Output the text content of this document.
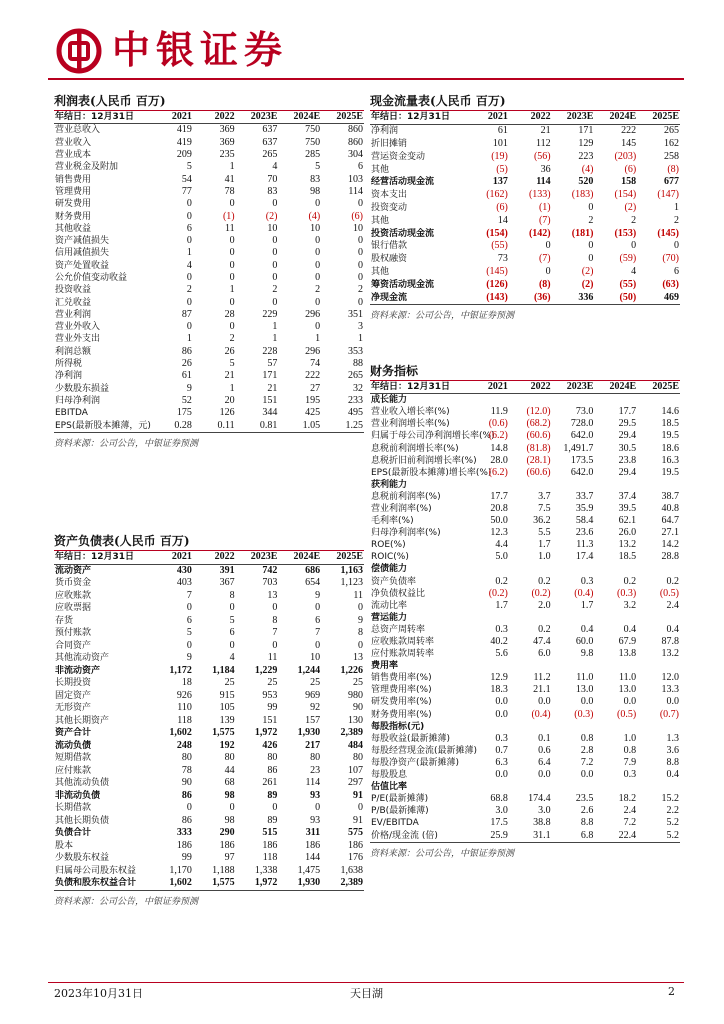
中银证券
利润表(人民币 百万)
年结日：12月31日	2021	2022	2023E	2024E	2025E
营业总收入	419	369	637	750	860
营业收入	419	369	637	750	860
营业成本	209	235	265	285	304
营业税金及附加	5	1	4	5	6
销售费用	54	41	70	83	103
管理费用	77	78	83	98	114
研发费用	0	0	0	0	0
财务费用	0	(1)	(2)	(4)	(6)
其他收益	6	11	10	10	10
资产减值损失	0	0	0	0	0
信用减值损失	1	0	0	0	0
资产处置收益	4	0	0	0	0
公允价值变动收益	0	0	0	0	0
投资收益	2	1	2	2	2
汇兑收益	0	0	0	0	0
营业利润	87	28	229	296	351
营业外收入	0	0	1	0	3
营业外支出	1	2	1	1	1
利润总额	86	26	228	296	353
所得税	26	5	57	74	88
净利润	61	21	171	222	265
少数股东损益	9	1	21	27	32
归母净利润	52	20	151	195	233
EBITDA	175	126	344	425	495
EPS(最新股本摊薄，元)	0.28	0.11	0.81	1.05	1.25
资料来源：公司公告，中银证券预测
资产负债表(人民币 百万)
年结日：12月31日	2021	2022	2023E	2024E	2025E
流动资产	430	391	742	686	1,163
货币资金	403	367	703	654	1,123
应收账款	7	8	13	9	11
应收票据	0	0	0	0	0
存货	6	5	8	6	9
预付账款	5	6	7	7	8
合同资产	0	0	0	0	0
其他流动资产	9	4	11	10	13
非流动资产	1,172	1,184	1,229	1,244	1,226
长期投资	18	25	25	25	25
固定资产	926	915	953	969	980
无形资产	110	105	99	92	90
其他长期资产	118	139	151	157	130
资产合计	1,602	1,575	1,972	1,930	2,389
流动负债	248	192	426	217	484
短期借款	80	80	80	80	80
应付账款	78	44	86	23	107
其他流动负债	90	68	261	114	297
非流动负债	86	98	89	93	91
长期借款	0	0	0	0	0
其他长期负债	86	98	89	93	91
负债合计	333	290	515	311	575
股本	186	186	186	186	186
少数股东权益	99	97	118	144	176
归属母公司股东权益	1,170	1,188	1,338	1,475	1,638
负债和股东权益合计	1,602	1,575	1,972	1,930	2,389
资料来源：公司公告，中银证券预测
现金流量表(人民币 百万)
年结日：12月31日	2021	2022	2023E	2024E	2025E
净利润	61	21	171	222	265
折旧摊销	101	112	129	145	162
营运资金变动	(19)	(56)	223	(203)	258
其他	(5)	36	(4)	(6)	(8)
经营活动现金流	137	114	520	158	677
资本支出	(162)	(133)	(183)	(154)	(147)
投资变动	(6)	(1)	0	(2)	1
其他	14	(7)	2	2	2
投资活动现金流	(154)	(142)	(181)	(153)	(145)
银行借款	(55)	0	0	0	0
股权融资	73	(7)	0	(59)	(70)
其他	(145)	0	(2)	4	6
筹资活动现金流	(126)	(8)	(2)	(55)	(63)
净现金流	(143)	(36)	336	(50)	469
资料来源：公司公告，中银证券预测
财务指标
年结日：12月31日	2021	2022	2023E	2024E	2025E
成长能力					
营业收入增长率(%)	11.9	(12.0)	73.0	17.7	14.6
营业利润增长率(%)	(0.6)	(68.2)	728.0	29.5	18.5
归属于母公司净利润增长率(%)	(6.2)	(60.6)	642.0	29.4	19.5
息税前利润增长率(%)	14.8	(81.8)	1,491.7	30.5	18.6
息税折旧前利润增长率(%)	28.0	(28.1)	173.5	23.8	16.3
EPS(最新股本摊薄)增长率(%)	(6.2)	(60.6)	642.0	29.4	19.5
获利能力					
息税前利润率(%)	17.7	3.7	33.7	37.4	38.7
营业利润率(%)	20.8	7.5	35.9	39.5	40.8
毛利率(%)	50.0	36.2	58.4	62.1	64.7
归母净利润率(%)	12.3	5.5	23.6	26.0	27.1
ROE(%)	4.4	1.7	11.3	13.2	14.2
ROIC(%)	5.0	1.0	17.4	18.5	28.8
偿债能力					
资产负债率	0.2	0.2	0.3	0.2	0.2
净负债权益比	(0.2)	(0.2)	(0.4)	(0.3)	(0.5)
流动比率	1.7	2.0	1.7	3.2	2.4
营运能力					
总资产周转率	0.3	0.2	0.4	0.4	0.4
应收账款周转率	40.2	47.4	60.0	67.9	87.8
应付账款周转率	5.6	6.0	9.8	13.8	13.2
费用率					
销售费用率(%)	12.9	11.2	11.0	11.0	12.0
管理费用率(%)	18.3	21.1	13.0	13.0	13.3
研发费用率(%)	0.0	0.0	0.0	0.0	0.0
财务费用率(%)	0.0	(0.4)	(0.3)	(0.5)	(0.7)
每股指标(元)					
每股收益(最新摊薄)	0.3	0.1	0.8	1.0	1.3
每股经营现金流(最新摊薄)	0.7	0.6	2.8	0.8	3.6
每股净资产(最新摊薄)	6.3	6.4	7.2	7.9	8.8
每股股息	0.0	0.0	0.0	0.3	0.4
估值比率					
P/E(最新摊薄)	68.8	174.4	23.5	18.2	15.2
P/B(最新摊薄)	3.0	3.0	2.6	2.4	2.2
EV/EBITDA	17.5	38.8	8.8	7.2	5.2
价格/现金流 (倍)	25.9	31.1	6.8	22.4	5.2
资料来源：公司公告，中银证券预测
2023年10月31日	天目湖	2
